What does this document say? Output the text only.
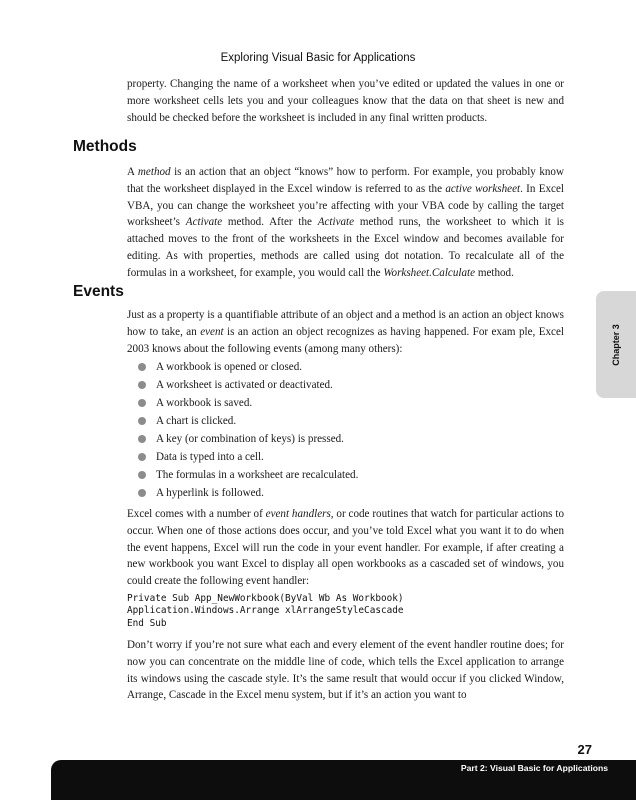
Exploring Visual Basic for Applications

property. Changing the name of a worksheet when you’ve edited or updated the values in one or more worksheet cells lets you and your colleagues know that the data on that sheet is new and should be checked before the worksheet is included in any final written products.

Methods

A method is an action that an object “knows” how to perform. For example, you probably know that the worksheet displayed in the Excel window is referred to as the active worksheet. In Excel VBA, you can change the worksheet you’re affecting with your VBA code by calling the target worksheet’s Activate method. After the Activate method runs, the worksheet to which it is attached moves to the front of the worksheets in the Excel window and becomes available for editing. As with properties, methods are called using dot notation. To recalculate all of the formulas in a worksheet, for example, you would call the Worksheet.Calculate method.

Events

Just as a property is a quantifiable attribute of an object and a method is an action an object knows how to take, an event is an action an object recognizes as having happened. For exam ple, Excel 2003 knows about the following events (among many others):

A workbook is opened or closed.
A worksheet is activated or deactivated.
A workbook is saved.
A chart is clicked.
A key (or combination of keys) is pressed.
Data is typed into a cell.
The formulas in a worksheet are recalculated.
A hyperlink is followed.

Excel comes with a number of event handlers, or code routines that watch for particular actions to occur. When one of those actions does occur, and you’ve told Excel what you want it to do when the event happens, Excel will run the code in your event handler. For example, if after creating a new workbook you want Excel to display all open workbooks as a cascaded set of windows, you could create the following event handler:

Private Sub App_NewWorkbook(ByVal Wb As Workbook)
Application.Windows.Arrange xlArrangeStyleCascade
End Sub

Don’t worry if you’re not sure what each and every element of the event handler routine does; for now you can concentrate on the middle line of code, which tells the Excel application to arrange its windows using the cascade style. It’s the same result that would occur if you clicked Window, Arrange, Cascade in the Excel menu system, but if it’s an action you want to

Chapter 3
27
Part 2: Visual Basic for Applications
